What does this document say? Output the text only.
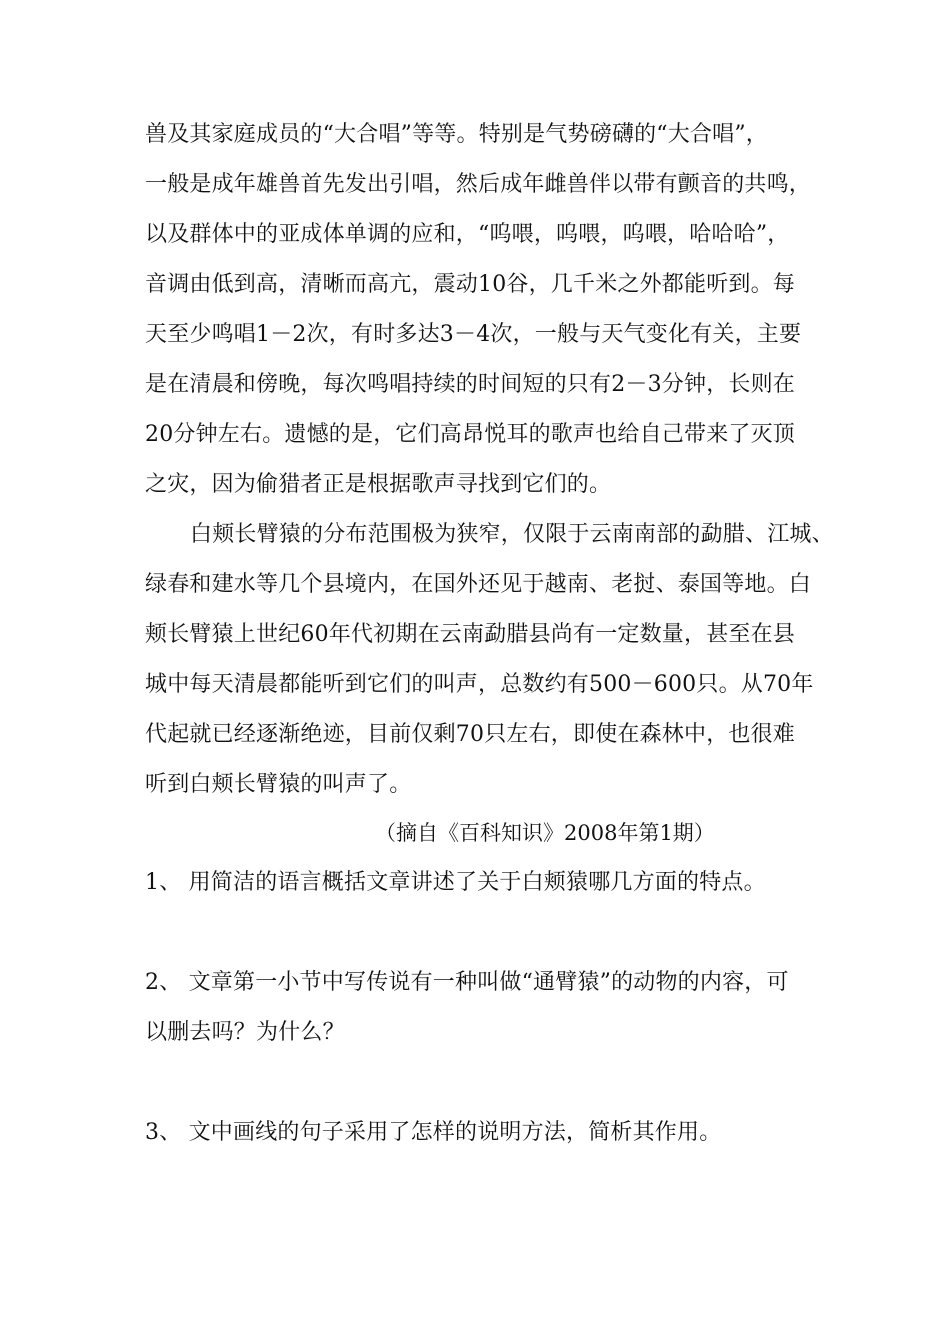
兽及其家庭成员的“大合唱”等等。特别是气势磅礴的“大合唱”，
一般是成年雄兽首先发出引唱，然后成年雌兽伴以带有颤音的共鸣，
以及群体中的亚成体单调的应和，“呜喂，呜喂，呜喂，哈哈哈”，
音调由低到高，清晰而高亢，震动10谷，几千米之外都能听到。每
天至少鸣唱1－2次，有时多达3－4次，一般与天气变化有关，主要
是在清晨和傍晚，每次鸣唱持续的时间短的只有2－3分钟，长则在
20分钟左右。遗憾的是，它们高昂悦耳的歌声也给自己带来了灭顶
之灾，因为偷猎者正是根据歌声寻找到它们的。
白颊长臂猿的分布范围极为狭窄，仅限于云南南部的勐腊、江城、
绿春和建水等几个县境内，在国外还见于越南、老挝、泰国等地。白
颊长臂猿上世纪60年代初期在云南勐腊县尚有一定数量，甚至在县
城中每天清晨都能听到它们的叫声，总数约有500－600只。从70年
代起就已经逐渐绝迹，目前仅剩70只左右，即使在森林中，也很难
听到白颊长臂猿的叫声了。
（摘自《百科知识》2008年第1期）
1、 用简洁的语言概括文章讲述了关于白颊猿哪几方面的特点。
2、 文章第一小节中写传说有一种叫做“通臂猿”的动物的内容，可
以删去吗？为什么？
3、 文中画线的句子采用了怎样的说明方法，简析其作用。
